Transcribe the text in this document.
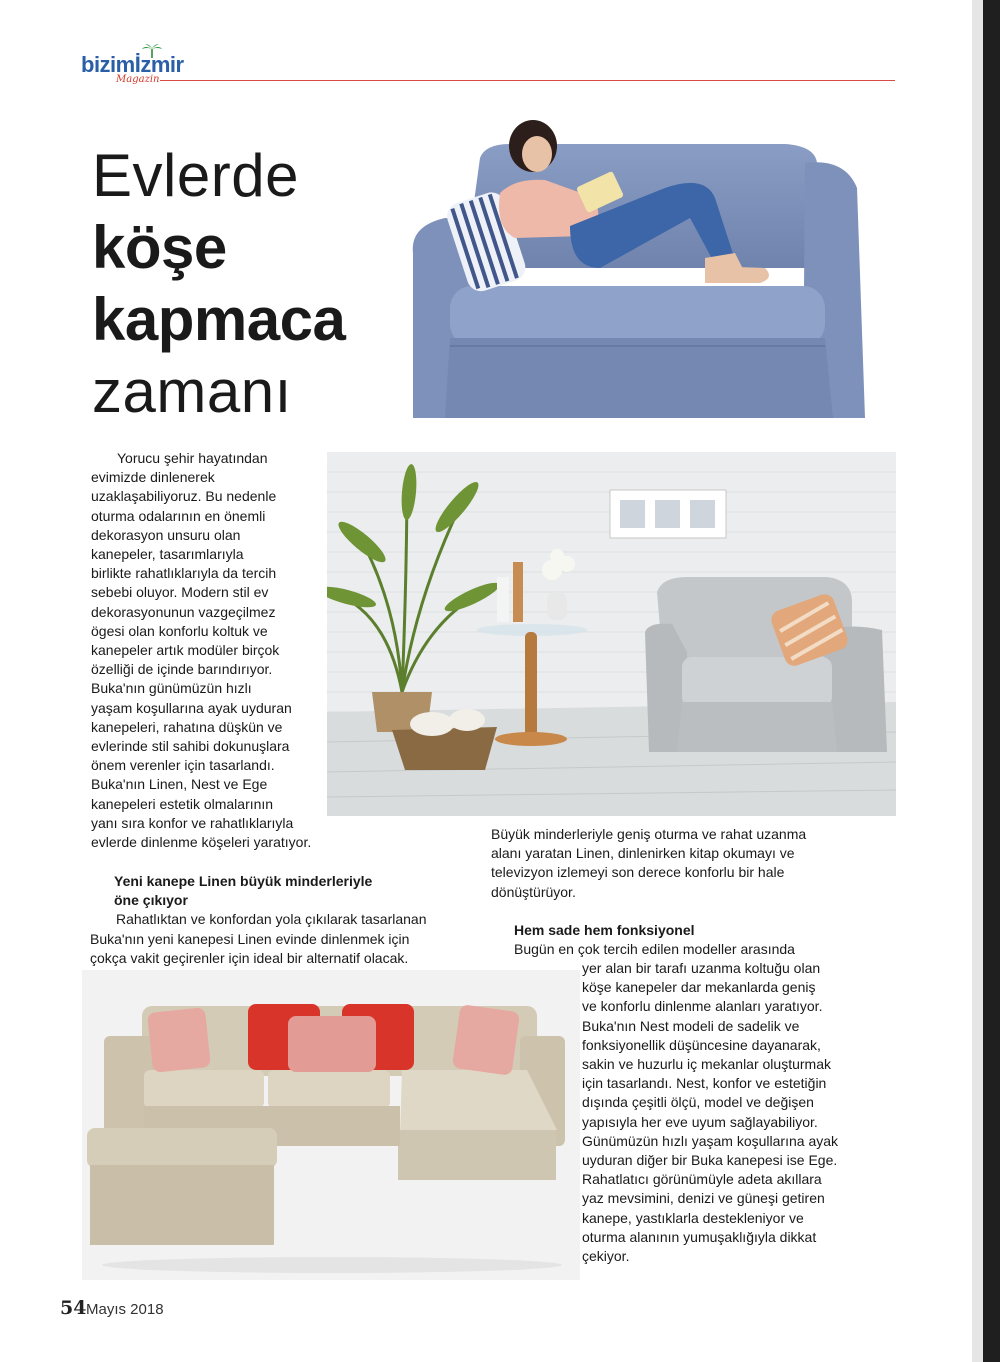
bizimİzmir
Magazin
Evlerde
köşe
kapmaca
zamanı

Yorucu şehir hayatından

evimizde dinlenerek

uzaklaşabiliyoruz. Bu nedenle

oturma odalarının en önemli

dekorasyon unsuru olan

kanepeler, tasarımlarıyla

birlikte rahatlıklarıyla da tercih

sebebi oluyor. Modern stil ev

dekorasyonunun vazgeçilmez

ögesi olan konforlu koltuk ve

kanepeler artık modüler birçok

özelliği de içinde barındırıyor.

Buka'nın günümüzün hızlı

yaşam koşullarına ayak uyduran

kanepeleri, rahatına düşkün ve

evlerinde stil sahibi dokunuşlara

önem verenler için tasarlandı.

Buka'nın Linen, Nest ve Ege

kanepeleri estetik olmalarının

yanı sıra konfor ve rahatlıklarıyla

evlerde dinlenme köşeleri yaratıyor.

Büyük minderleriyle geniş oturma ve rahat uzanma

alanı yaratan Linen, dinlenirken kitap okumayı ve

televizyon izlemeyi son derece konforlu bir hale

dönüştürüyor.

Yeni kanepe Linen büyük minderleriyle

öne çıkıyor

Rahatlıktan ve konfordan yola çıkılarak tasarlanan

Buka'nın yeni kanepesi Linen evinde dinlenmek için

çokça vakit geçirenler için ideal bir alternatif olacak.

Hem sade hem fonksiyonel

Bugün en çok tercih edilen modeller arasında

yer alan bir tarafı uzanma koltuğu olan

köşe kanepeler dar mekanlarda geniş

ve konforlu dinlenme alanları yaratıyor.

Buka'nın Nest modeli de sadelik ve

fonksiyonellik düşüncesine dayanarak,

sakin ve huzurlu iç mekanlar oluşturmak

için tasarlandı. Nest, konfor ve estetiğin

dışında çeşitli ölçü, model ve değişen

yapısıyla her eve uyum sağlayabiliyor.

Günümüzün hızlı yaşam koşullarına ayak

uyduran diğer bir Buka kanepesi ise Ege.

Rahatlatıcı görünümüyle adeta akıllara

yaz mevsimini, denizi ve güneşi getiren

kanepe, yastıklarla destekleniyor ve

oturma alanının yumuşaklığıyla dikkat

çekiyor.

54 Mayıs 2018
